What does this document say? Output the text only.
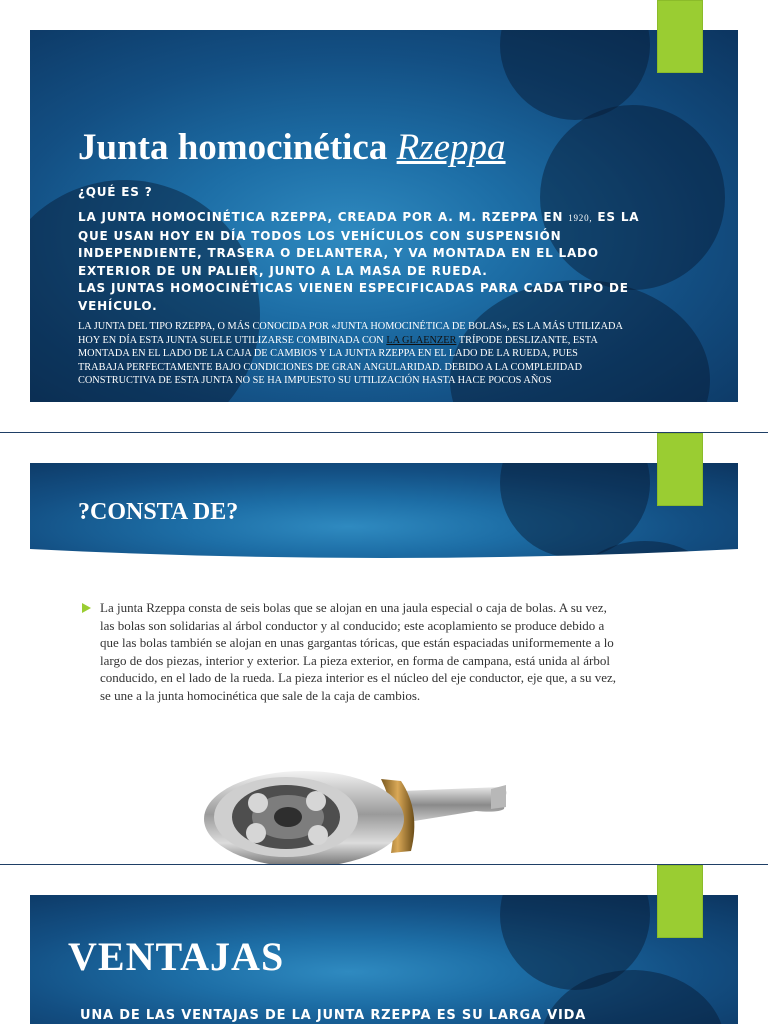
Junta homocinética Rzeppa

¿QUÉ ES ?

LA JUNTA HOMOCINÉTICA RZEPPA, CREADA POR A. M. RZEPPA EN 1920, ES LA
QUE USAN HOY EN DÍA TODOS LOS VEHÍCULOS CON SUSPENSIÓN
INDEPENDIENTE, TRASERA O DELANTERA, Y VA MONTADA EN EL LADO
EXTERIOR DE UN PALIER, JUNTO A LA MASA DE RUEDA.
LAS JUNTAS HOMOCINÉTICAS VIENEN ESPECIFICADAS PARA CADA TIPO DE
VEHÍCULO.

LA JUNTA DEL TIPO RZEPPA, O MÁS CONOCIDA POR «JUNTA HOMOCINÉTICA DE BOLAS», ES LA MÁS UTILIZADA HOY EN DÍA ESTA JUNTA SUELE UTILIZARSE COMBINADA CON LA GLAENZER TRÍPODE DESLIZANTE, ESTA MONTADA EN EL LADO DE LA CAJA DE CAMBIOS Y LA JUNTA RZEPPA EN EL LADO DE LA RUEDA, PUES TRABAJA PERFECTAMENTE BAJO CONDICIONES DE GRAN ANGULARIDAD. DEBIDO A LA COMPLEJIDAD CONSTRUCTIVA DE ESTA JUNTA NO SE HA IMPUESTO SU UTILIZACIÓN HASTA HACE POCOS AÑOS

?CONSTA DE?

La junta Rzeppa consta de seis bolas que se alojan en una jaula especial o caja de bolas. A su vez, las bolas son solidarias al árbol conductor y al conducido; este acoplamiento se produce debido a que las bolas también se alojan en unas gargantas tóricas, que están espaciadas uniformemente a lo largo de dos piezas, interior y exterior. La pieza exterior, en forma de campana, está unida al árbol conducido, en el lado de la rueda. La pieza interior es el núcleo del eje conductor, eje que, a su vez, se une a la junta homocinética que sale de la caja de cambios.

VENTAJAS

UNA DE LAS VENTAJAS DE LA JUNTA RZEPPA ES SU LARGA VIDA
